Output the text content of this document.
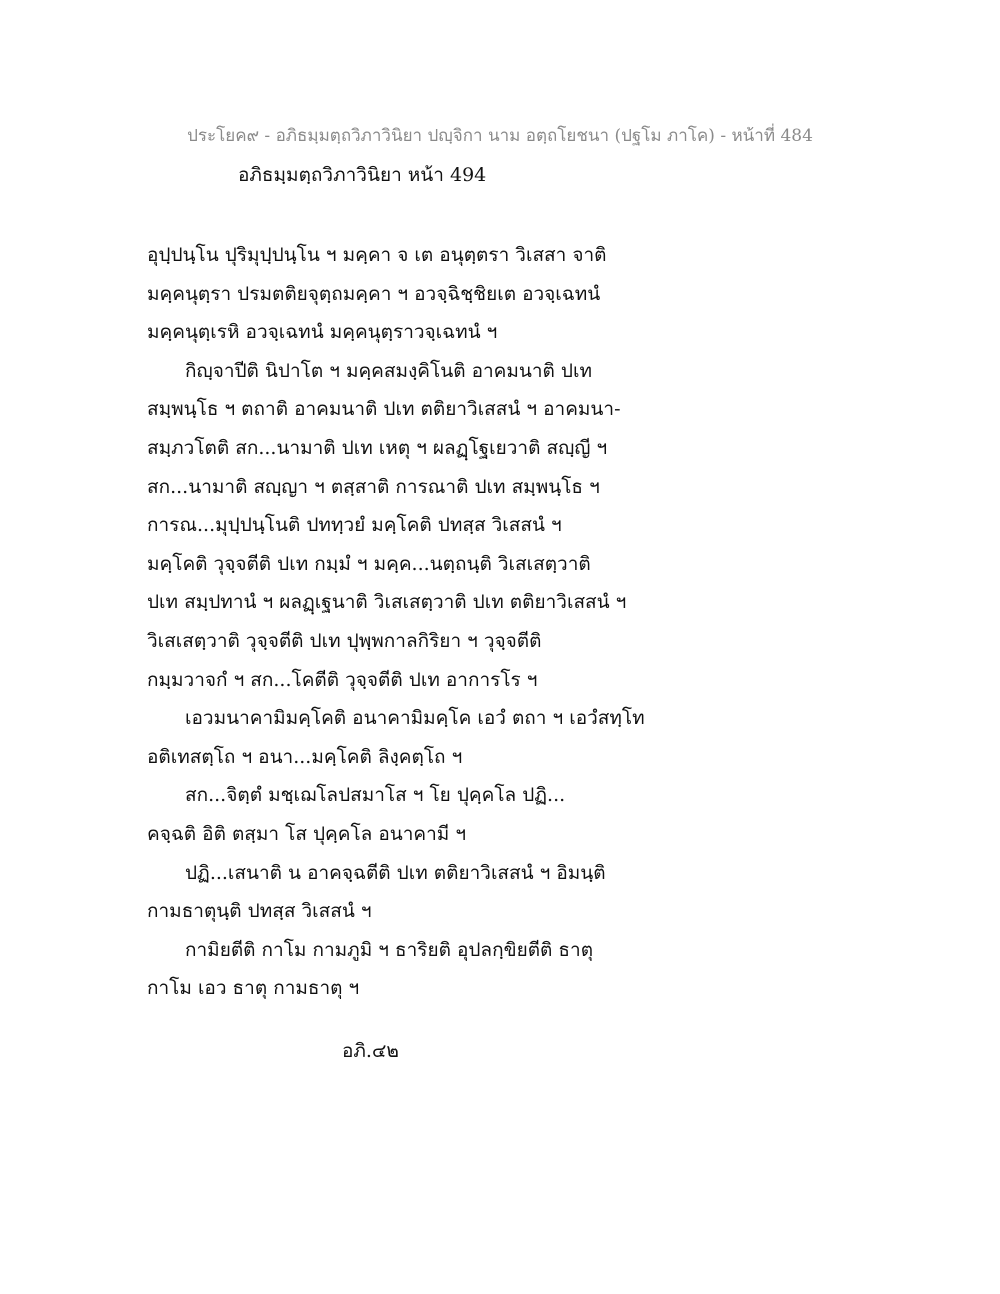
ประโยค๙ - อภิธมฺมตฺถวิภาวินิยา ปญฺจิกา นาม อตฺถโยชนา (ปฐโม ภาโค) - หน้าที่ 484
อภิธมฺมตฺถวิภาวินิยา หน้า 494
อุปฺปนฺโน ปุริมุปฺปนฺโน ฯ มคฺคา จ เต อนุตฺตรา วิเสสา จาติ
มคฺคนุตฺรา ปรมตติยจุตฺถมคฺคา ฯ อวจฺฉิชฺชิยเต อวจฺเฉทนํ
มคฺคนุตฺเรหิ อวจฺเฉทนํ มคฺคนุตฺราวจฺเฉทนํ ฯ
กิญฺจาปีติ นิปาโต ฯ มคฺคสมงฺคิโนติ อาคมนาติ ปเท
สมฺพนฺโธ ฯ ตถาติ อาคมนาติ ปเท ตติยาวิเสสนํ ฯ อาคมนา-
สมฺภวโตติ สก...นามาติ ปเท เหตุ ฯ ผลฏฺโฐเยวาติ สญฺญี ฯ
สก...นามาติ สญฺญา ฯ ตสฺสาติ การณาติ ปเท สมฺพนฺโธ ฯ
การณ...มุปฺปนฺโนติ ปททฺวยํ มคฺโคติ ปทสฺส วิเสสนํ ฯ
มคฺโคติ วุจฺจตีติ ปเท กมฺมํ ฯ มคฺค...นตฺถนฺติ วิเสเสตฺวาติ
ปเท สมฺปทานํ ฯ ผลฏฺเฐนาติ วิเสเสตฺวาติ ปเท ตติยาวิเสสนํ ฯ
วิเสเสตฺวาติ วุจฺจตีติ ปเท ปุพฺพกาลกิริยา ฯ วุจฺจตีติ
กมฺมวาจกํ ฯ สก...โคตีติ วุจฺจตีติ ปเท อาการโร ฯ
เอวมนาคามิมคฺโคติ อนาคามิมคฺโค เอวํ ตถา ฯ เอวํสทฺโท
อติเทสตฺโถ ฯ อนา...มคฺโคติ ลิงฺคตฺโถ ฯ
สก...จิตฺตํ มชฺเฌโลปสมาโส ฯ โย ปุคฺคโล ปฏิ...
คจฺฉติ อิติ ตสฺมา โส ปุคฺคโล อนาคามี ฯ
ปฏิ...เสนาติ น อาคจฺฉตีติ ปเท ตติยาวิเสสนํ ฯ อิมนฺติ
กามธาตุนฺติ ปทสฺส วิเสสนํ ฯ
กามิยตีติ กาโม กามภูมิ ฯ ธาริยติ อุปลกฺขิยตีติ ธาตุ
กาโม เอว ธาตุ กามธาตุ ฯ
อภิ.๔๒
